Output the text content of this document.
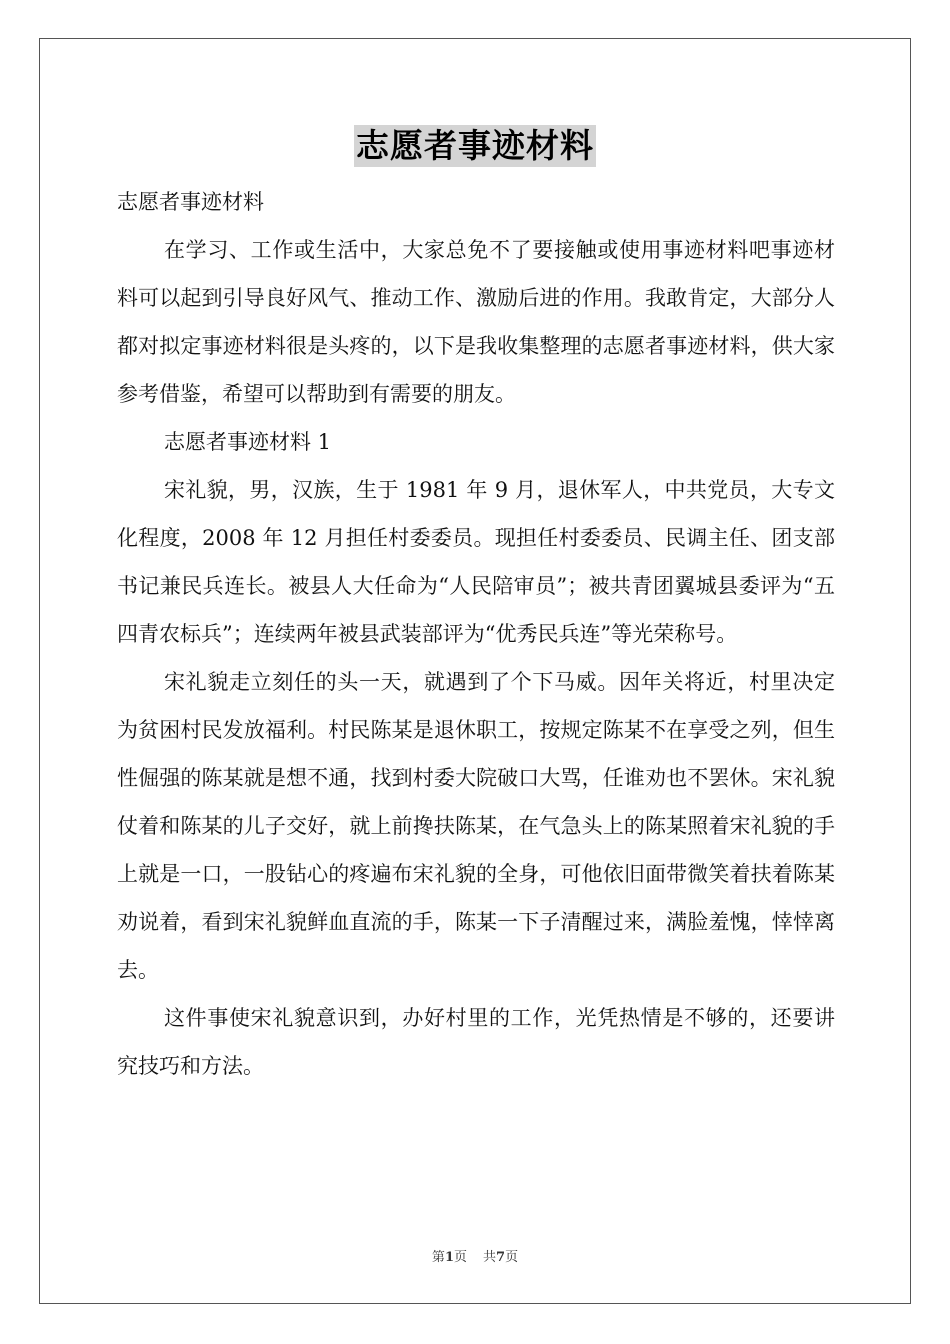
志愿者事迹材料

志愿者事迹材料

在学习、工作或生活中，大家总免不了要接触或使用事迹材料吧事迹材料可以起到引导良好风气、推动工作、激励后进的作用。我敢肯定，大部分人都对拟定事迹材料很是头疼的，以下是我收集整理的志愿者事迹材料，供大家参考借鉴，希望可以帮助到有需要的朋友。

志愿者事迹材料 1

宋礼貌，男，汉族，生于 1981 年 9 月，退休军人，中共党员，大专文化程度，2008 年 12 月担任村委委员。现担任村委委员、民调主任、团支部书记兼民兵连长。被县人大任命为“人民陪审员”；被共青团翼城县委评为“五四青农标兵”；连续两年被县武装部评为“优秀民兵连”等光荣称号。

宋礼貌走立刻任的头一天，就遇到了个下马威。因年关将近，村里决定为贫困村民发放福利。村民陈某是退休职工，按规定陈某不在享受之列，但生性倔强的陈某就是想不通，找到村委大院破口大骂，任谁劝也不罢休。宋礼貌仗着和陈某的儿子交好，就上前搀扶陈某，在气急头上的陈某照着宋礼貌的手上就是一口，一股钻心的疼遍布宋礼貌的全身，可他依旧面带微笑着扶着陈某劝说着，看到宋礼貌鲜血直流的手，陈某一下子清醒过来，满脸羞愧，悻悻离去。

这件事使宋礼貌意识到，办好村里的工作，光凭热情是不够的，还要讲究技巧和方法。

第1页 共7页
